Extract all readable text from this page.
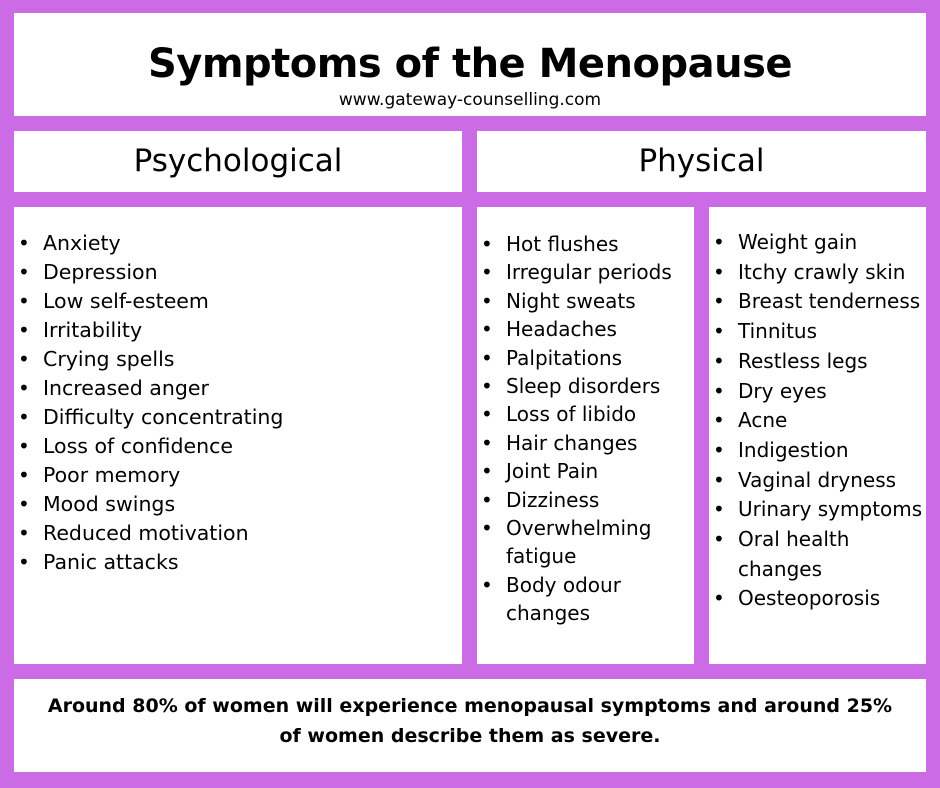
Symptoms of the Menopause
www.gateway-counselling.com
Psychological	Physical
• Anxiety
• Depression
• Low self-esteem
• Irritability
• Crying spells
• Increased anger
• Difficulty concentrating
• Loss of confidence
• Poor memory
• Mood swings
• Reduced motivation
• Panic attacks
• Hot flushes
• Irregular periods
• Night sweats
• Headaches
• Palpitations
• Sleep disorders
• Loss of libido
• Hair changes
• Joint Pain
• Dizziness
• Overwhelming fatigue
• Body odour changes
• Weight gain
• Itchy crawly skin
• Breast tenderness
• Tinnitus
• Restless legs
• Dry eyes
• Acne
• Indigestion
• Vaginal dryness
• Urinary symptoms
• Oral health changes
• Oesteoporosis
Around 80% of women will experience menopausal symptoms and around 25% of women describe them as severe.
